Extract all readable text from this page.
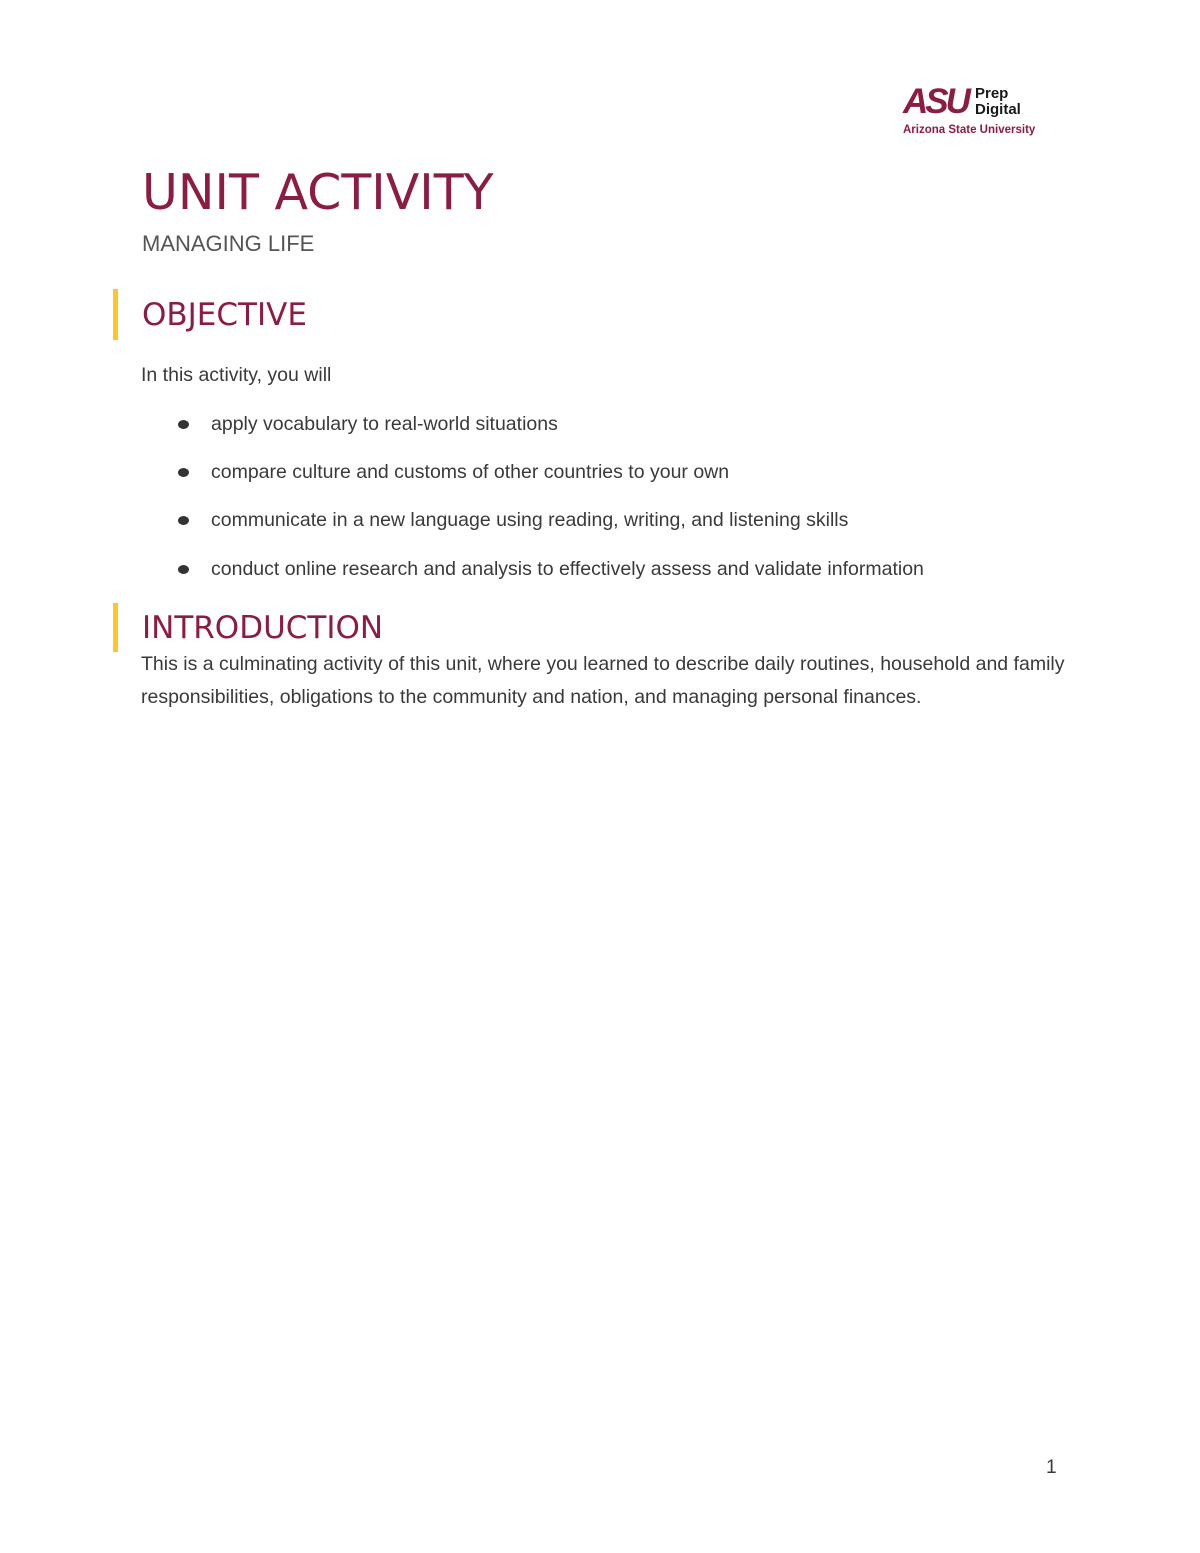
ASU Prep
Digital
Arizona State University
UNIT ACTIVITY
MANAGING LIFE
OBJECTIVE
In this activity, you will
apply vocabulary to real-world situations
compare culture and customs of other countries to your own
communicate in a new language using reading, writing, and listening skills
conduct online research and analysis to effectively assess and validate information
INTRODUCTION
This is a culminating activity of this unit, where you learned to describe daily routines, household and family responsibilities, obligations to the community and nation, and managing personal finances.
1
